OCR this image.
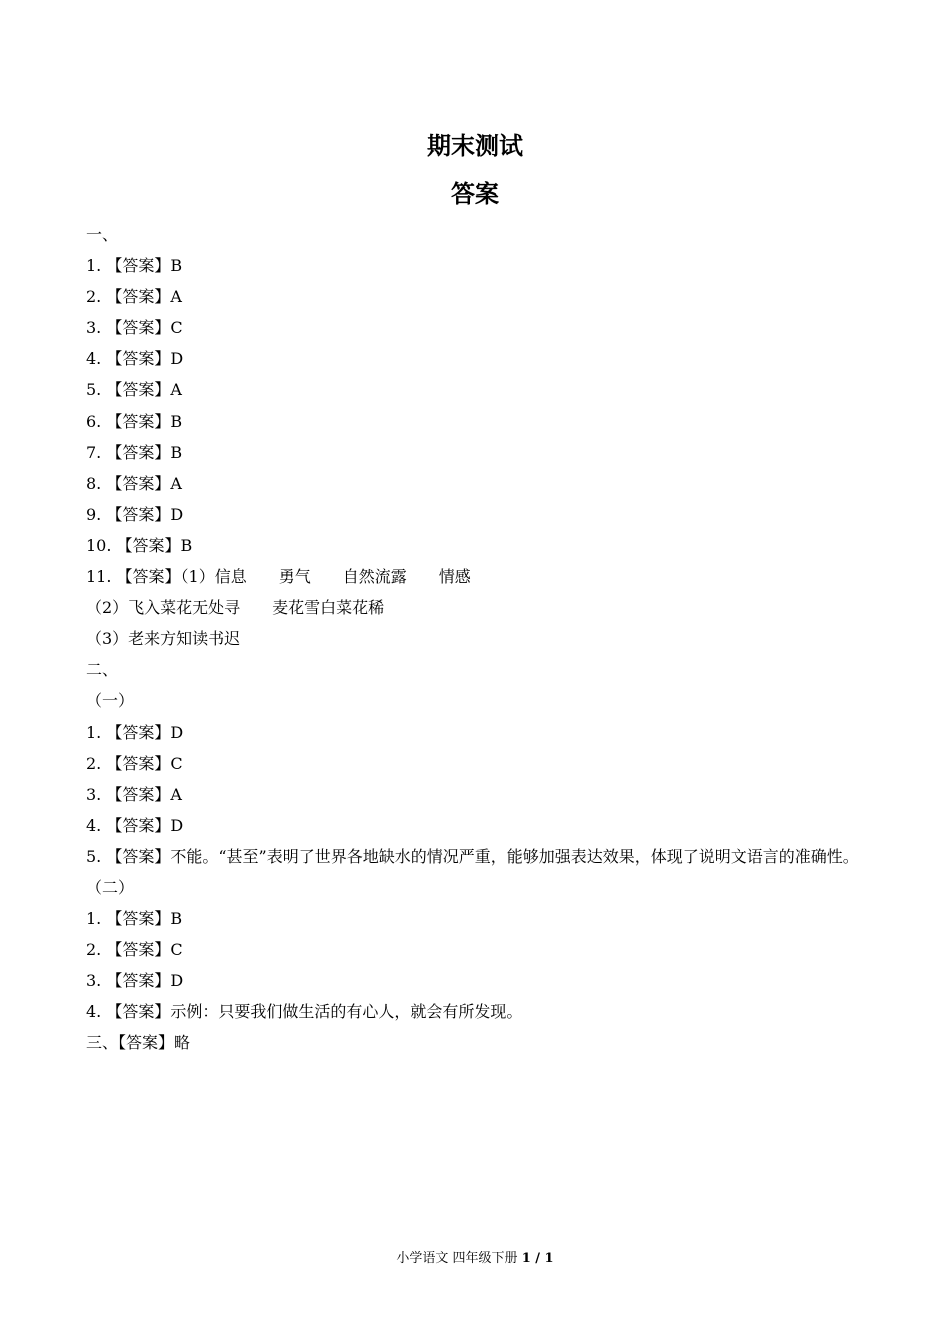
期末测试
答案
一、
1. 【答案】B
2. 【答案】A
3. 【答案】C
4. 【答案】D
5. 【答案】A
6. 【答案】B
7. 【答案】B
8. 【答案】A
9. 【答案】D
10. 【答案】B
11. 【答案】（1）信息　　勇气　　自然流露　　情感
（2）飞入菜花无处寻　　麦花雪白菜花稀
（3）老来方知读书迟
二、
（一）
1. 【答案】D
2. 【答案】C
3. 【答案】A
4. 【答案】D
5. 【答案】不能。“甚至”表明了世界各地缺水的情况严重，能够加强表达效果，体现了说明文语言的准确性。
（二）
1. 【答案】B
2. 【答案】C
3. 【答案】D
4. 【答案】示例：只要我们做生活的有心人，就会有所发现。
三、【答案】略
小学语文 四年级下册 1 / 1
